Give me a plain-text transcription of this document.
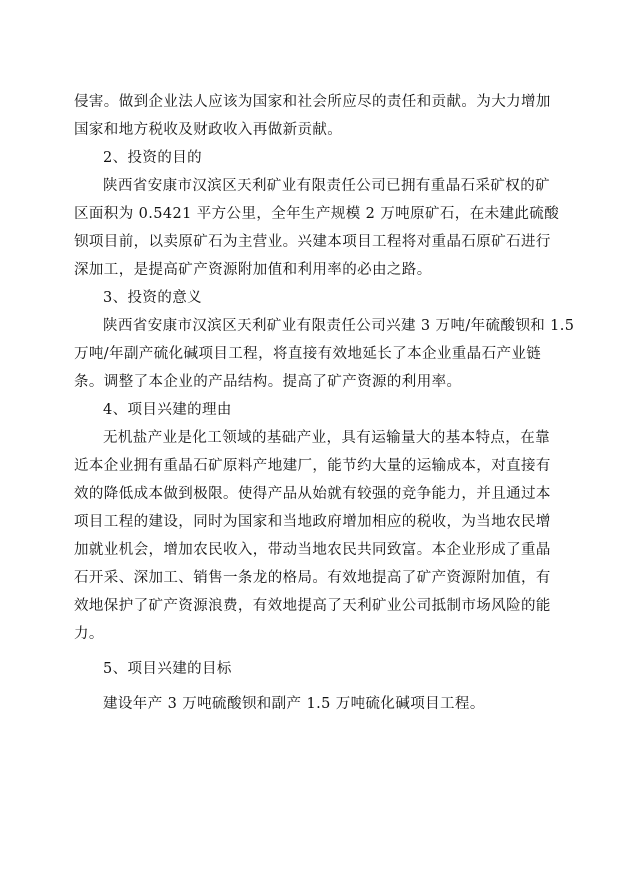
侵害。做到企业法人应该为国家和社会所应尽的责任和贡献。为大力增加

国家和地方税收及财政收入再做新贡献。

2、投资的目的

陕西省安康市汉滨区天利矿业有限责任公司已拥有重晶石采矿权的矿

区面积为 0.5421 平方公里，全年生产规模 2 万吨原矿石，在未建此硫酸

钡项目前，以卖原矿石为主营业。兴建本项目工程将对重晶石原矿石进行

深加工，是提高矿产资源附加值和利用率的必由之路。

3、投资的意义

陕西省安康市汉滨区天利矿业有限责任公司兴建 3 万吨/年硫酸钡和 1.5

万吨/年副产硫化碱项目工程，将直接有效地延长了本企业重晶石产业链

条。调整了本企业的产品结构。提高了矿产资源的利用率。

4、项目兴建的理由

无机盐产业是化工领域的基础产业，具有运输量大的基本特点，在靠

近本企业拥有重晶石矿原料产地建厂，能节约大量的运输成本，对直接有

效的降低成本做到极限。使得产品从始就有较强的竞争能力，并且通过本

项目工程的建设，同时为国家和当地政府增加相应的税收，为当地农民增

加就业机会，增加农民收入，带动当地农民共同致富。本企业形成了重晶

石开采、深加工、销售一条龙的格局。有效地提高了矿产资源附加值，有

效地保护了矿产资源浪费，有效地提高了天利矿业公司抵制市场风险的能

力。

5、项目兴建的目标

建设年产 3 万吨硫酸钡和副产 1.5 万吨硫化碱项目工程。
